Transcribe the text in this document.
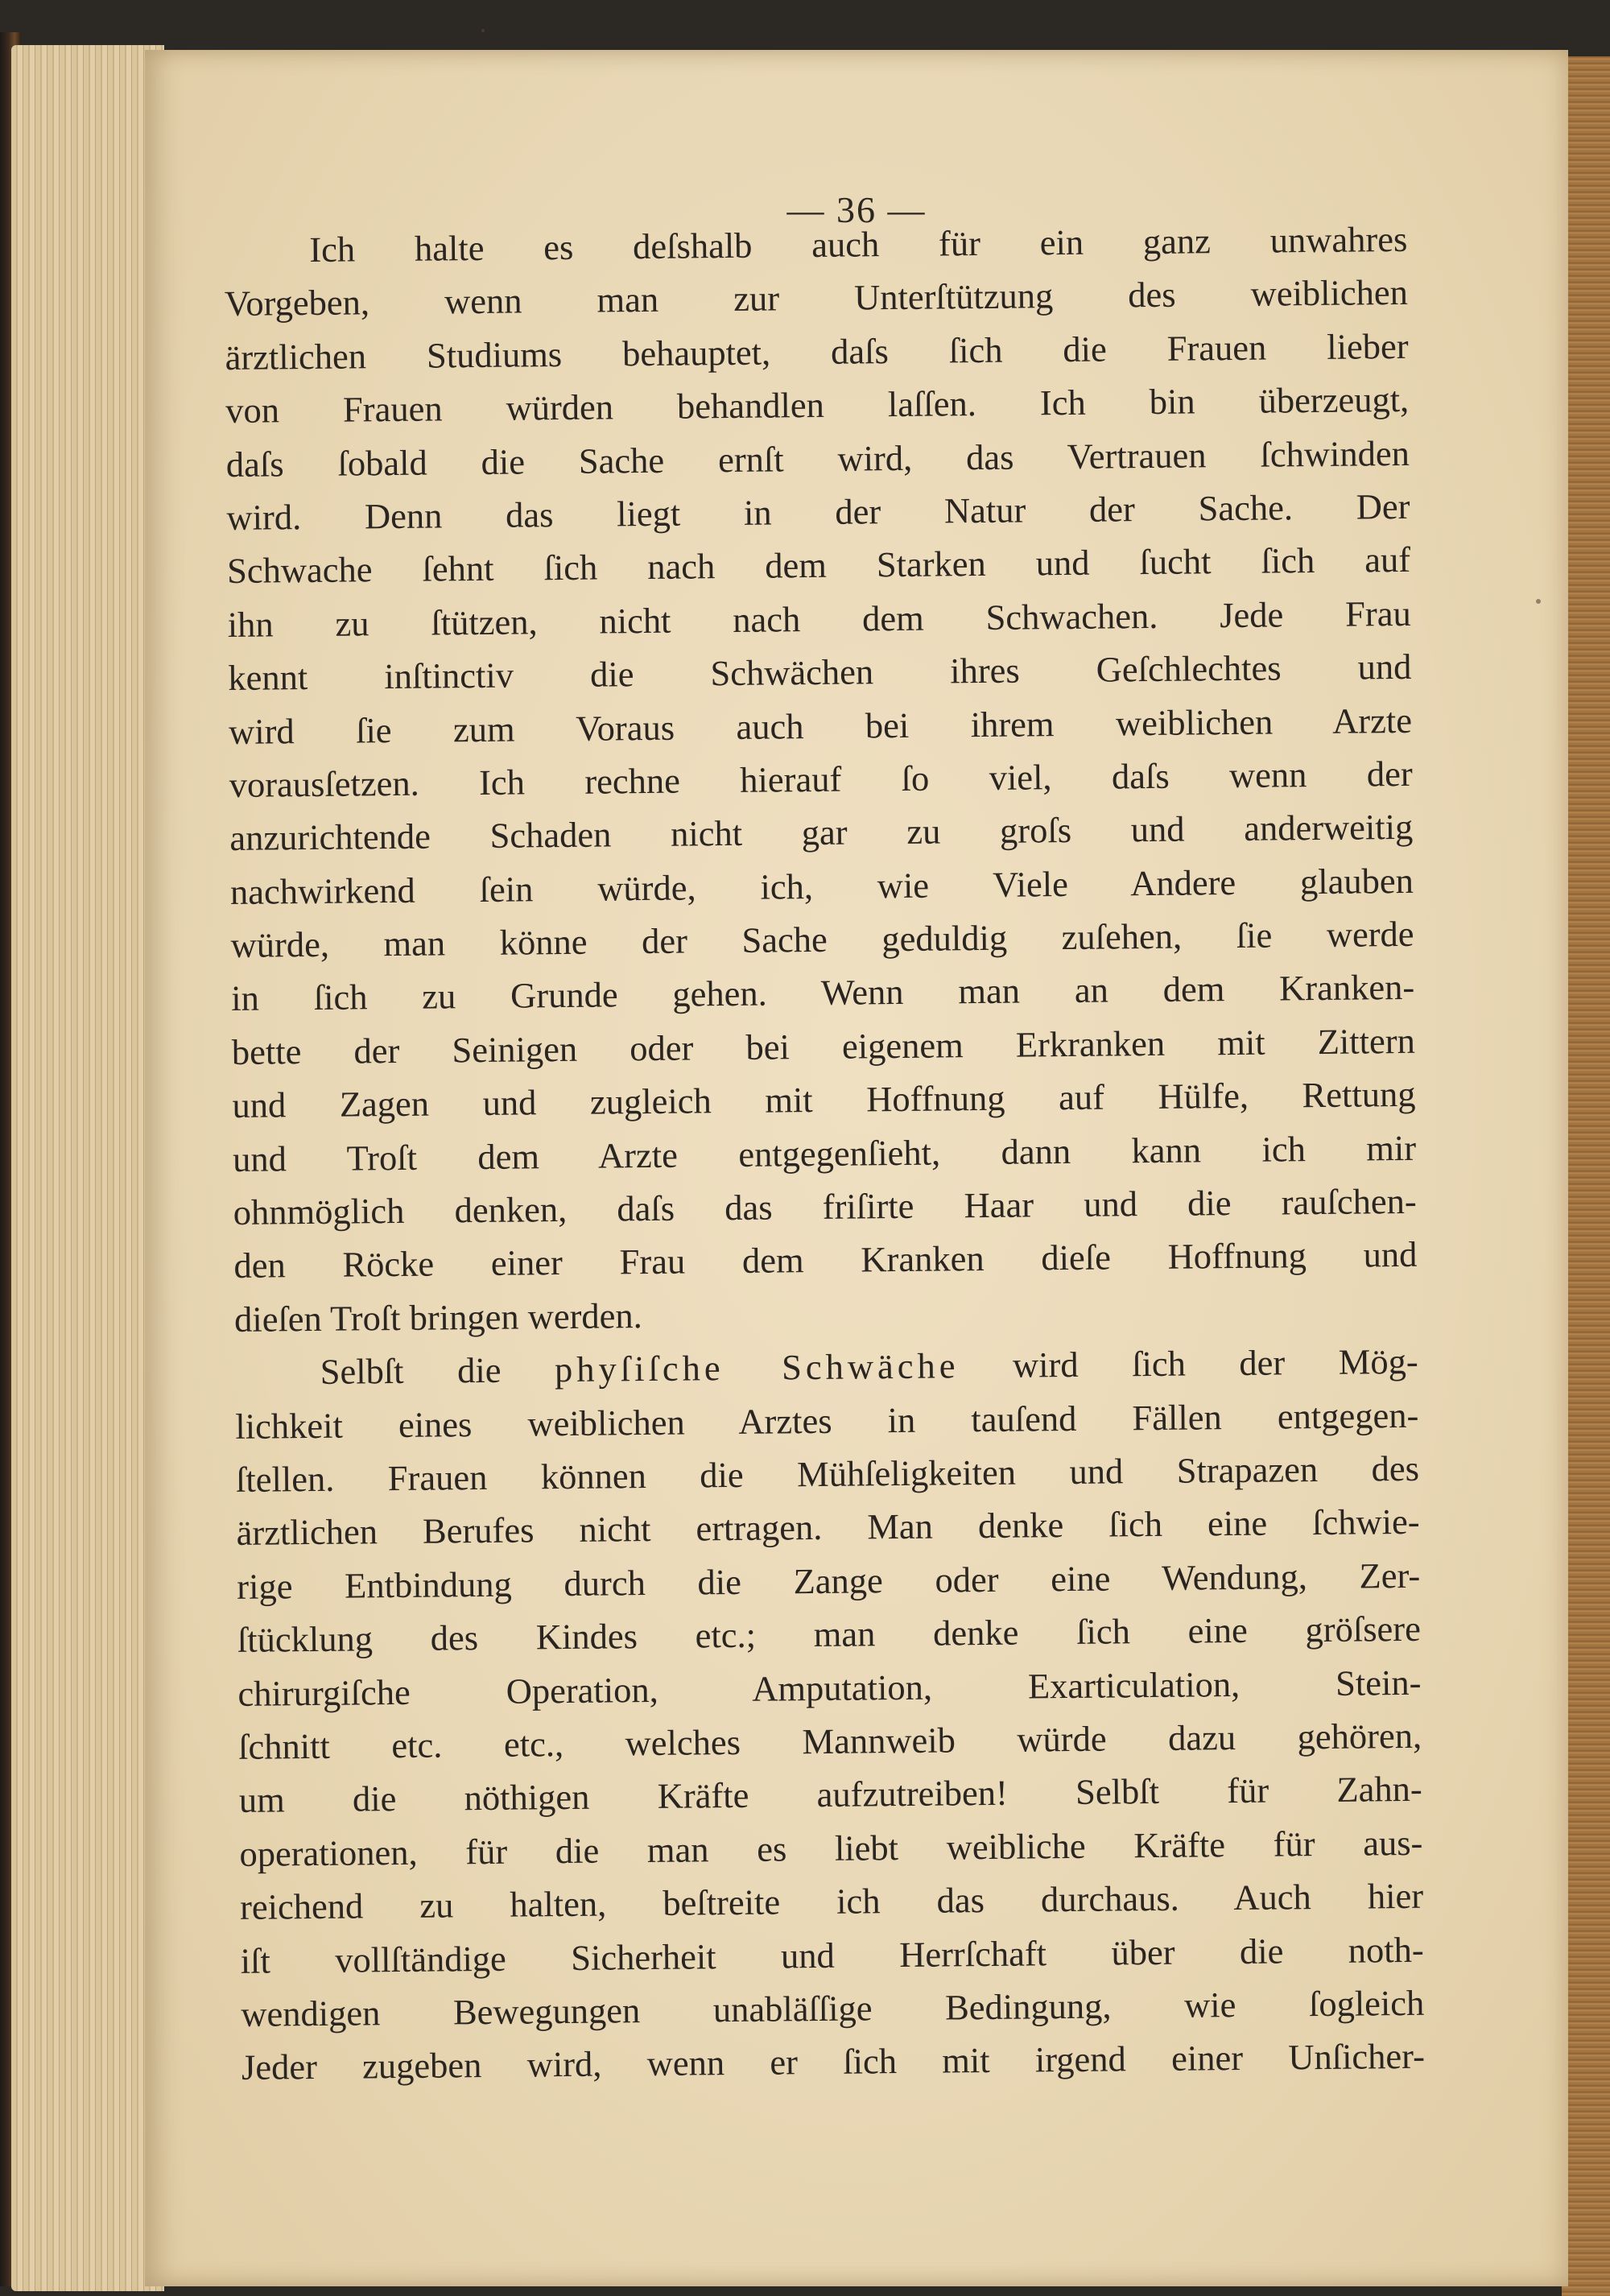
— 36 —
Ich halte es deſshalb auch für ein ganz unwahres
Vorgeben, wenn man zur Unterſtützung des weiblichen
ärztlichen Studiums behauptet, daſs ſich die Frauen lieber
von Frauen würden behandlen laſſen. Ich bin überzeugt,
daſs ſobald die Sache ernſt wird, das Vertrauen ſchwinden
wird. Denn das liegt in der Natur der Sache. Der
Schwache ſehnt ſich nach dem Starken und ſucht ſich auf
ihn zu ſtützen, nicht nach dem Schwachen. Jede Frau
kennt inſtinctiv die Schwächen ihres Geſchlechtes und
wird ſie zum Voraus auch bei ihrem weiblichen Arzte
vorausſetzen. Ich rechne hierauf ſo viel, daſs wenn der
anzurichtende Schaden nicht gar zu groſs und anderweitig
nachwirkend ſein würde, ich, wie Viele Andere glauben
würde, man könne der Sache geduldig zuſehen, ſie werde
in ſich zu Grunde gehen. Wenn man an dem Kranken-
bette der Seinigen oder bei eigenem Erkranken mit Zittern
und Zagen und zugleich mit Hoffnung auf Hülfe, Rettung
und Troſt dem Arzte entgegenſieht, dann kann ich mir
ohnmöglich denken, daſs das friſirte Haar und die rauſchen-
den Röcke einer Frau dem Kranken dieſe Hoffnung und
dieſen Troſt bringen werden.
Selbſt die phyſiſche Schwäche wird ſich der Mög-
lichkeit eines weiblichen Arztes in tauſend Fällen entgegen-
ſtellen. Frauen können die Mühſeligkeiten und Strapazen des
ärztlichen Berufes nicht ertragen. Man denke ſich eine ſchwie-
rige Entbindung durch die Zange oder eine Wendung, Zer-
ſtücklung des Kindes etc.; man denke ſich eine gröſsere
chirurgiſche Operation, Amputation, Exarticulation, Stein-
ſchnitt etc. etc., welches Mannweib würde dazu gehören,
um die nöthigen Kräfte aufzutreiben! Selbſt für Zahn-
operationen, für die man es liebt weibliche Kräfte für aus-
reichend zu halten, beſtreite ich das durchaus. Auch hier
iſt vollſtändige Sicherheit und Herrſchaft über die noth-
wendigen Bewegungen unabläſſige Bedingung, wie ſogleich
Jeder zugeben wird, wenn er ſich mit irgend einer Unſicher-
